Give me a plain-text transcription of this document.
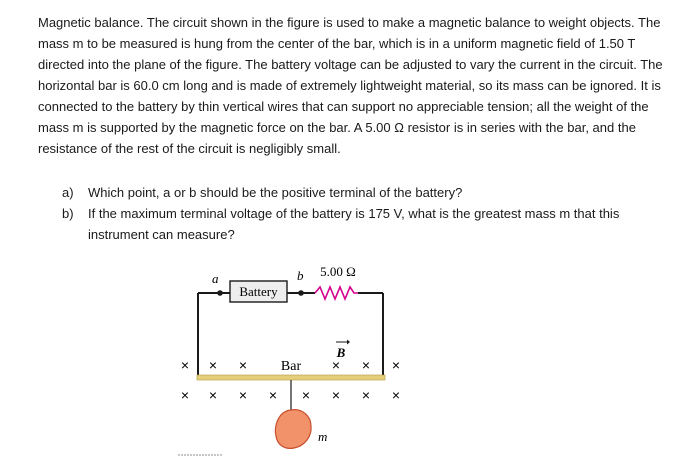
Magnetic balance. The circuit shown in the figure is used to make a magnetic balance to weight objects. The mass m to be measured is hung from the center of the bar, which is in a uniform magnetic field of 1.50 T directed into the plane of the figure. The battery voltage can be adjusted to vary the current in the circuit. The horizontal bar is 60.0 cm long and is made of extremely lightweight material, so its mass can be ignored. It is connected to the battery by thin vertical wires that can support no appreciable tension; all the weight of the mass m is supported by the magnetic force on the bar. A 5.00 Ω resistor is in series with the bar, and the resistance of the rest of the circuit is negligibly small.

a) Which point, a or b should be the positive terminal of the battery?
b) If the maximum terminal voltage of the battery is 175 V, what is the greatest mass m that this instrument can measure?
× × ×	× × ×
× × × × × × × ×
Battery
5.00 Ω
a	b
B
Bar
m
